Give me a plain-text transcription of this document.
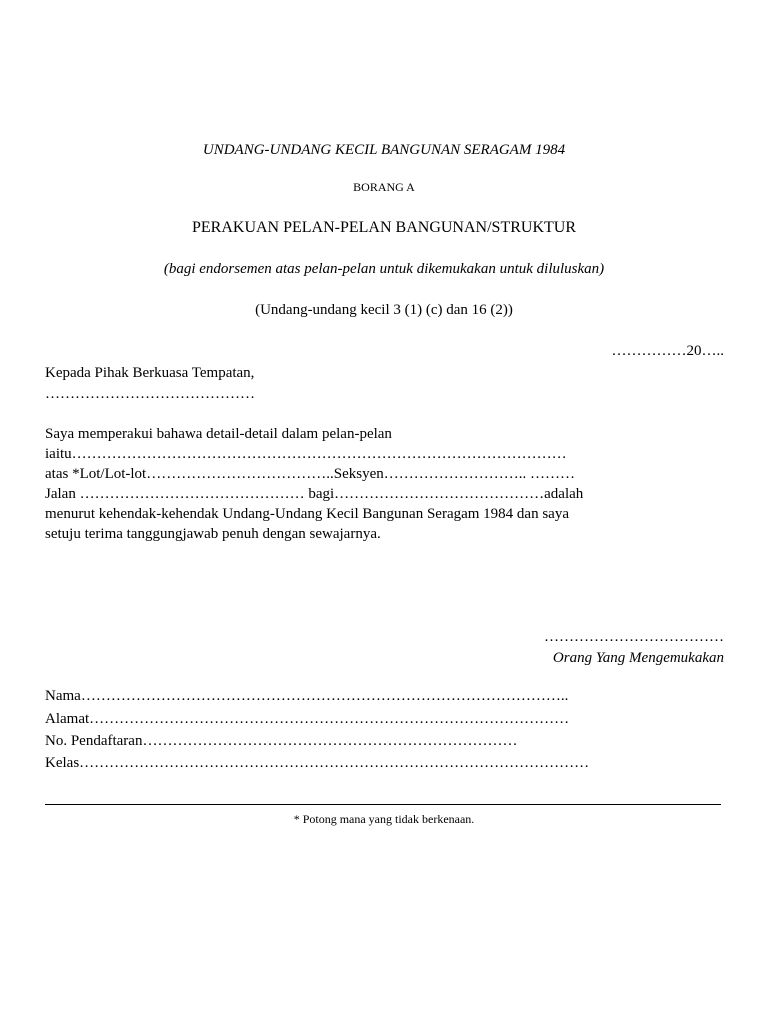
UNDANG-UNDANG KECIL BANGUNAN SERAGAM 1984
BORANG A
PERAKUAN PELAN-PELAN BANGUNAN/STRUKTUR
(bagi endorsemen atas pelan-pelan untuk dikemukakan untuk diluluskan)
(Undang-undang kecil 3 (1) (c) dan 16 (2))
……………20…..
Kepada Pihak Berkuasa Tempatan,
……………………………………
Saya memperakui bahawa detail-detail dalam pelan-pelan
iaitu………………………………………………………………………………………
atas *Lot/Lot-lot………………………………..Seksyen……………………….. ………
Jalan ……………………………………… bagi……………………………………adalah
menurut kehendak-kehendak Undang-Undang Kecil Bangunan Seragam 1984 dan saya
setuju terima tanggungjawab penuh dengan sewajarnya.
………………………………
Orang Yang Mengemukakan
Nama……………………………………………………………………………………..
Alamat……………………………………………………………………………………
No. Pendaftaran…………………………………………………………………
Kelas…………………………………………………………………………………………
* Potong mana yang tidak berkenaan.
